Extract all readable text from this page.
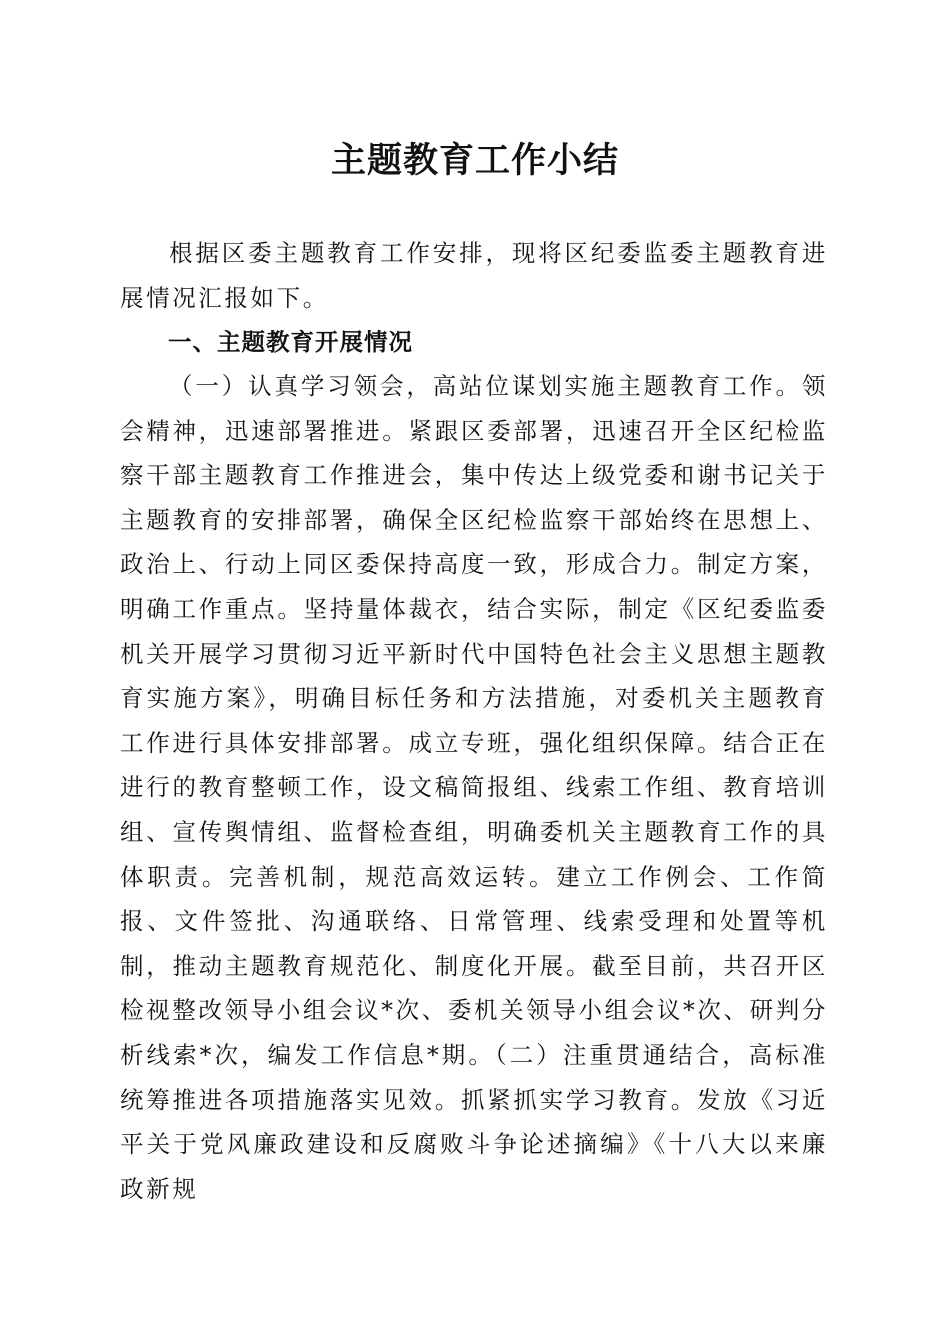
主题教育工作小结

根据区委主题教育工作安排，现将区纪委监委主题教育进展情况汇报如下。

一、主题教育开展情况

（一）认真学习领会，高站位谋划实施主题教育工作。领会精神，迅速部署推进。紧跟区委部署，迅速召开全区纪检监察干部主题教育工作推进会，集中传达上级党委和谢书记关于主题教育的安排部署，确保全区纪检监察干部始终在思想上、政治上、行动上同区委保持高度一致，形成合力。制定方案，明确工作重点。坚持量体裁衣，结合实际，制定《区纪委监委机关开展学习贯彻习近平新时代中国特色社会主义思想主题教育实施方案》，明确目标任务和方法措施，对委机关主题教育工作进行具体安排部署。成立专班，强化组织保障。结合正在进行的教育整顿工作，设文稿简报组、线索工作组、教育培训组、宣传舆情组、监督检查组，明确委机关主题教育工作的具体职责。完善机制，规范高效运转。建立工作例会、工作简报、文件签批、沟通联络、日常管理、线索受理和处置等机制，推动主题教育规范化、制度化开展。截至目前，共召开区检视整改领导小组会议*次、委机关领导小组会议*次、研判分析线索*次，编发工作信息*期。（二）注重贯通结合，高标准统筹推进各项措施落实见效。抓紧抓实学习教育。发放《习近平关于党风廉政建设和反腐败斗争论述摘编》《十八大以来廉政新规
